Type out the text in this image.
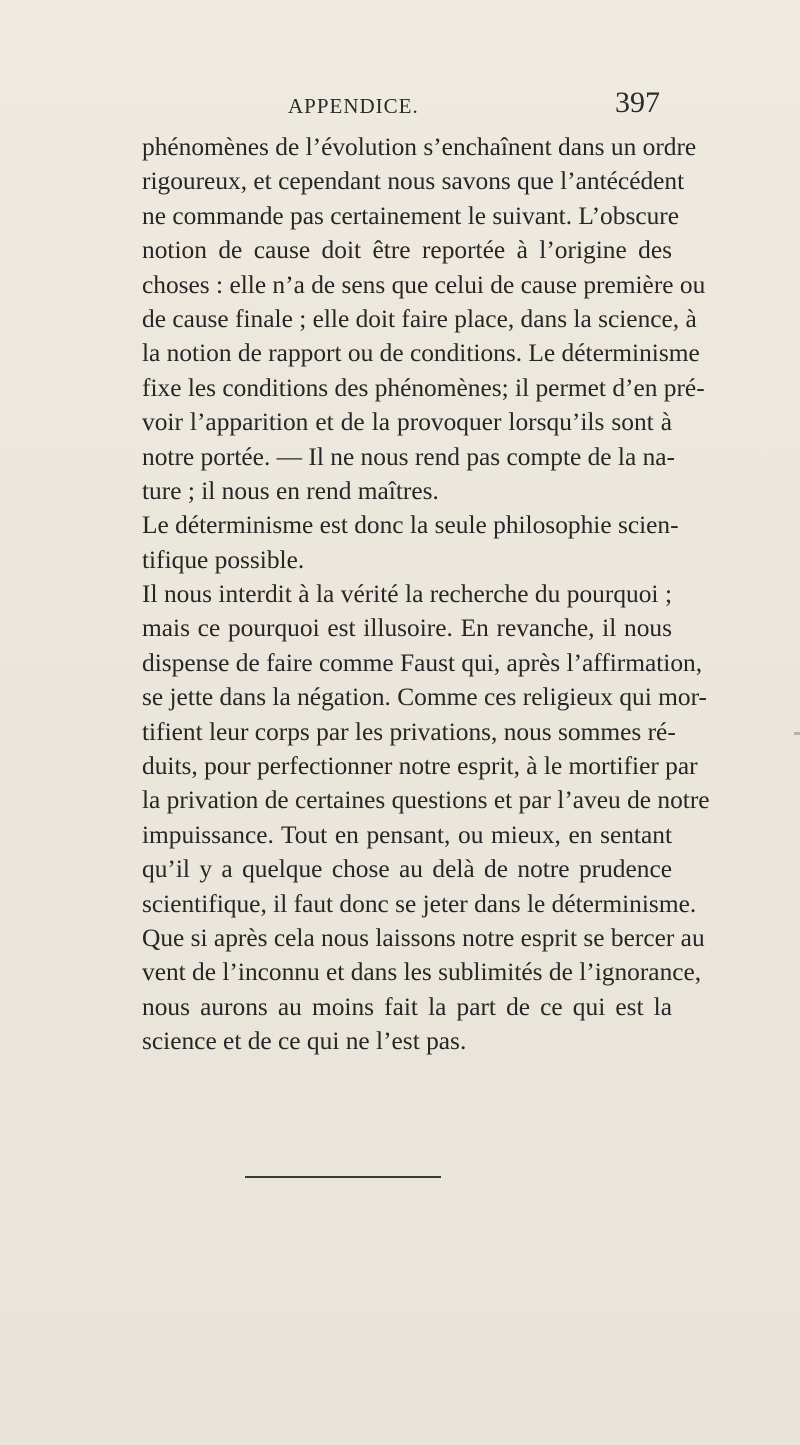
APPENDICE.	397
phénomènes de l’évolution s’enchaînent dans un ordre
rigoureux, et cependant nous savons que l’antécédent
ne commande pas certainement le suivant. L’obscure
notion de cause doit être reportée à l’origine des
choses : elle n’a de sens que celui de cause première ou
de cause finale ; elle doit faire place, dans la science, à
la notion de rapport ou de conditions. Le déterminisme
fixe les conditions des phénomènes; il permet d’en pré-
voir l’apparition et de la provoquer lorsqu’ils sont à
notre portée. — Il ne nous rend pas compte de la na-
ture ; il nous en rend maîtres.
Le déterminisme est donc la seule philosophie scien-
tifique possible.
Il nous interdit à la vérité la recherche du pourquoi ;
mais ce pourquoi est illusoire. En revanche, il nous
dispense de faire comme Faust qui, après l’affirmation,
se jette dans la négation. Comme ces religieux qui mor-
tifient leur corps par les privations, nous sommes ré-
duits, pour perfectionner notre esprit, à le mortifier par
la privation de certaines questions et par l’aveu de notre
impuissance. Tout en pensant, ou mieux, en sentant
qu’il y a quelque chose au delà de notre prudence
scientifique, il faut donc se jeter dans le déterminisme.
Que si après cela nous laissons notre esprit se bercer au
vent de l’inconnu et dans les sublimités de l’ignorance,
nous aurons au moins fait la part de ce qui est la
science et de ce qui ne l’est pas.
